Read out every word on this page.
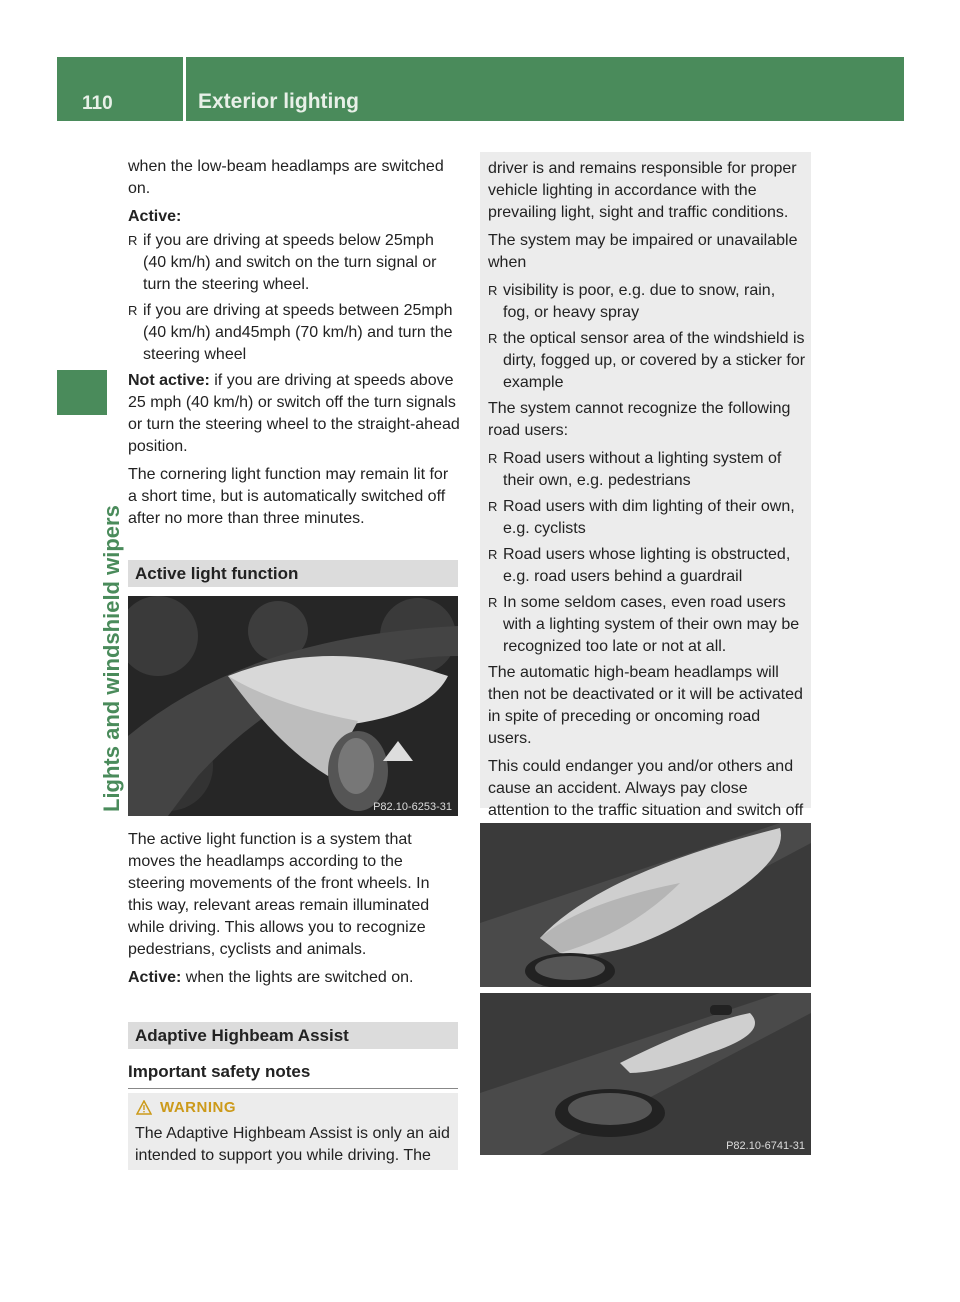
110	Exterior lighting
Lights and windshield wipers

when the low-beam headlamps are switched on.

Active:

R if you are driving at speeds below 25mph (40 km/h) and switch on the turn signal or turn the steering wheel.
R if you are driving at speeds between 25mph (40 km/h) and45mph (70 km/h) and turn the steering wheel

Not active: if you are driving at speeds above 25 mph (40 km/h) or switch off the turn signals or turn the steering wheel to the straight-ahead position.

The cornering light function may remain lit for a short time, but is automatically switched off after no more than three minutes.

Active light function
P82.10-6253-31

The active light function is a system that moves the headlamps according to the steering movements of the front wheels. In this way, relevant areas remain illuminated while driving. This allows you to recognize pedestrians, cyclists and animals.

Active: when the lights are switched on.

Adaptive Highbeam Assist
Important safety notes
WARNING
The Adaptive Highbeam Assist is only an aid intended to support you while driving. The

driver is and remains responsible for proper vehicle lighting in accordance with the prevailing light, sight and traffic conditions.

The system may be impaired or unavailable when

R visibility is poor, e.g. due to snow, rain, fog, or heavy spray
R the optical sensor area of the windshield is dirty, fogged up, or covered by a sticker for example

The system cannot recognize the following road users:

R Road users without a lighting system of their own, e.g. pedestrians
R Road users with dim lighting of their own, e.g. cyclists
R Road users whose lighting is obstructed, e.g. road users behind a guardrail
R In some seldom cases, even road users with a lighting system of their own may be recognized too late or not at all.

The automatic high-beam headlamps will then not be deactivated or it will be activated in spite of preceding or oncoming road users.

This could endanger you and/or others and cause an accident. Always pay close attention to the traffic situation and switch off

P82.10-6741-31
